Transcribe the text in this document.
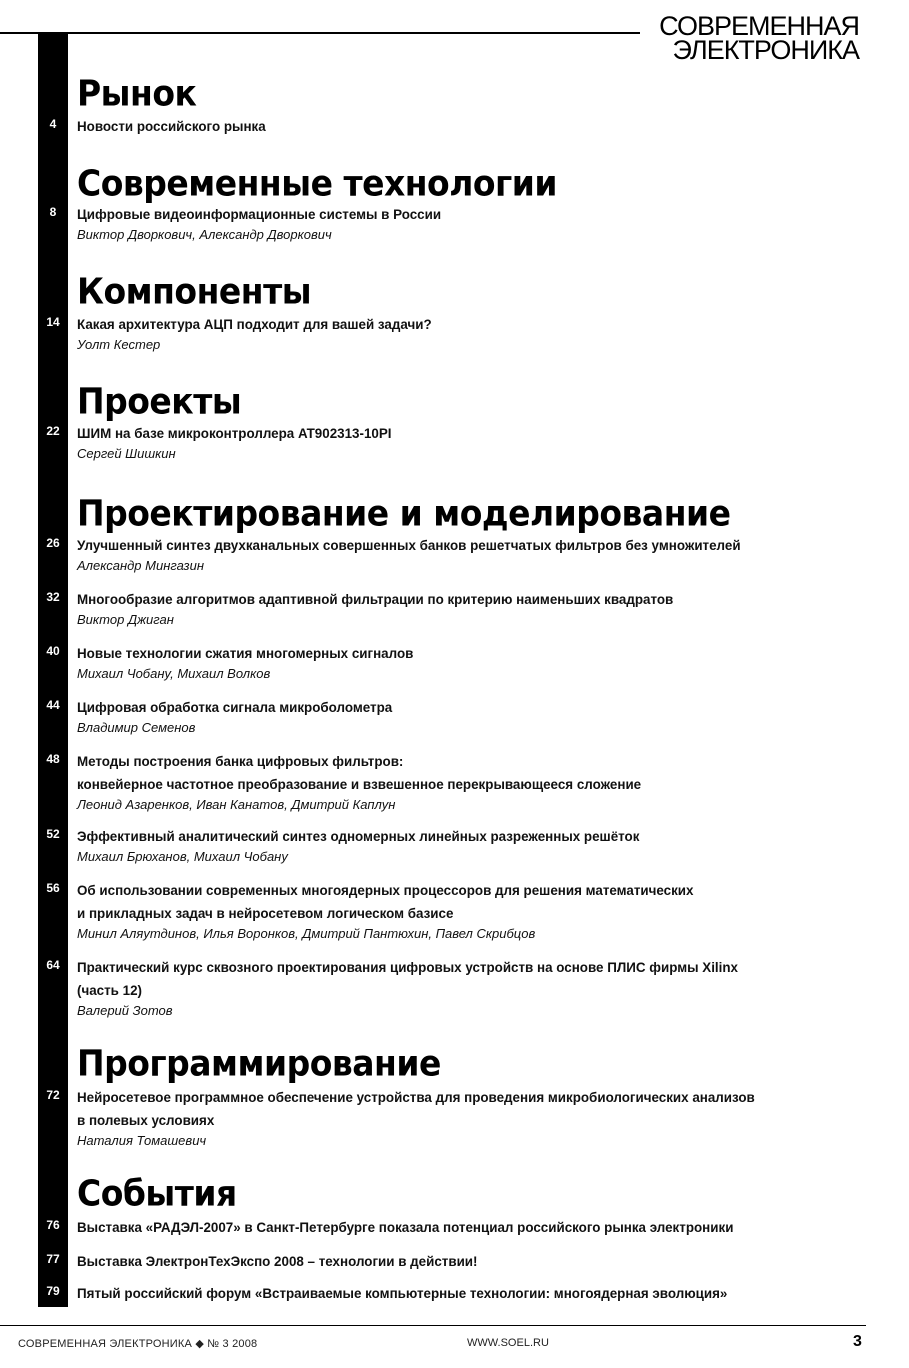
СОВРЕМЕННАЯ
ЭЛЕКТРОНИКА
Рынок
4	Новости российского рынка
Современные технологии
8	Цифровые видеоинформационные системы в России
Виктор Дворкович, Александр Дворкович
Компоненты
14	Какая архитектура АЦП подходит для вашей задачи?
Уолт Кестер
Проекты
22	ШИМ на базе микроконтроллера AT902313-10PI
Сергей Шишкин
Проектирование и моделирование
26	Улучшенный синтез двухканальных совершенных банков решетчатых фильтров без умножителей
Александр Мингазин
32	Многообразие алгоритмов адаптивной фильтрации по критерию наименьших квадратов
Виктор Джиган
40	Новые технологии сжатия многомерных сигналов
Михаил Чобану, Михаил Волков
44	Цифровая обработка сигнала микроболометра
Владимир Семенов
48	Методы построения банка цифровых фильтров:
конвейерное частотное преобразование и взвешенное перекрывающееся сложение
Леонид Азаренков, Иван Канатов, Дмитрий Каплун
52	Эффективный аналитический синтез одномерных линейных разреженных решёток
Михаил Брюханов, Михаил Чобану
56	Об использовании современных многоядерных процессоров для решения математических
и прикладных задач в нейросетевом логическом базисе
Минил Аляутдинов, Илья Воронков, Дмитрий Пантюхин, Павел Скрибцов
64	Практический курс сквозного проектирования цифровых устройств на основе ПЛИС фирмы Xilinx
(часть 12)
Валерий Зотов
Программирование
72	Нейросетевое программное обеспечение устройства для проведения микробиологических анализов
в полевых условиях
Наталия Томашевич
События
76	Выставка «РАДЭЛ-2007» в Санкт-Петербурге показала потенциал российского рынка электроники
77	Выставка ЭлектронТехЭкспо 2008 – технологии в действии!
79	Пятый российский форум «Встраиваемые компьютерные технологии: многоядерная эволюция»
СОВРЕМЕННАЯ ЭЛЕКТРОНИКА ◆ № 3 2008	WWW.SOEL.RU	3
